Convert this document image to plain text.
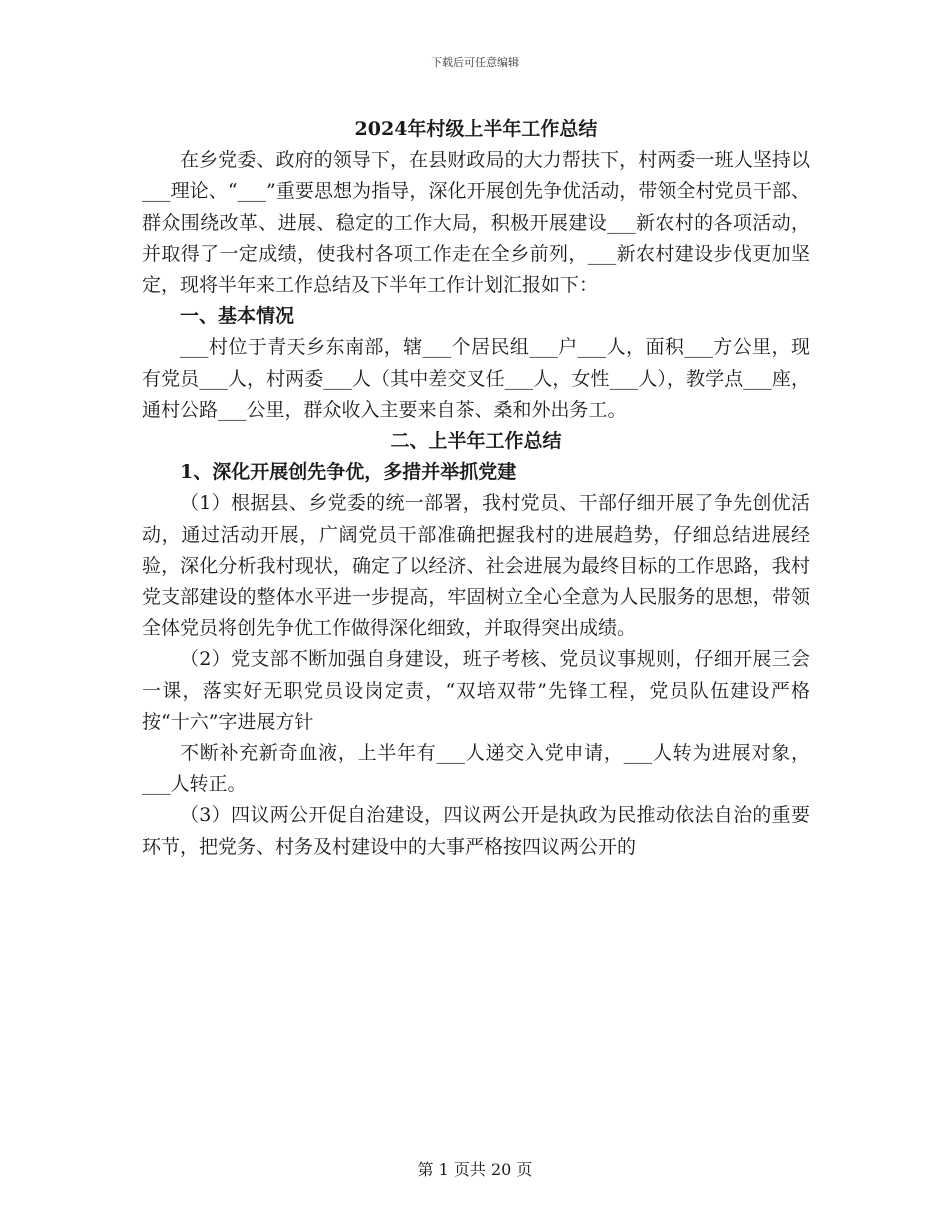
下载后可任意编辑
2024年村级上半年工作总结

在乡党委、政府的领导下，在县财政局的大力帮扶下，村两委一班人坚持以___理论、“___”重要思想为指导，深化开展创先争优活动，带领全村党员干部、群众围绕改革、进展、稳定的工作大局，积极开展建设___新农村的各项活动，并取得了一定成绩，使我村各项工作走在全乡前列，___新农村建设步伐更加坚定，现将半年来工作总结及下半年工作计划汇报如下：

一、基本情况

___村位于青天乡东南部，辖___个居民组___户___人，面积___方公里，现有党员___人，村两委___人（其中差交叉任___人，女性___人），教学点___座，通村公路___公里，群众收入主要来自茶、桑和外出务工。

二、上半年工作总结

1、深化开展创先争优，多措并举抓党建

（1）根据县、乡党委的统一部署，我村党员、干部仔细开展了争先创优活动，通过活动开展，广阔党员干部准确把握我村的进展趋势，仔细总结进展经验，深化分析我村现状，确定了以经济、社会进展为最终目标的工作思路，我村党支部建设的整体水平进一步提高，牢固树立全心全意为人民服务的思想，带领全体党员将创先争优工作做得深化细致，并取得突出成绩。

（2）党支部不断加强自身建设，班子考核、党员议事规则，仔细开展三会一课，落实好无职党员设岗定责，“双培双带”先锋工程，党员队伍建设严格按“十六”字进展方针

不断补充新奇血液，上半年有___人递交入党申请，___人转为进展对象，___人转正。

（3）四议两公开促自治建设，四议两公开是执政为民推动依法自治的重要环节，把党务、村务及村建设中的大事严格按四议两公开的

第 1 页共 20 页
